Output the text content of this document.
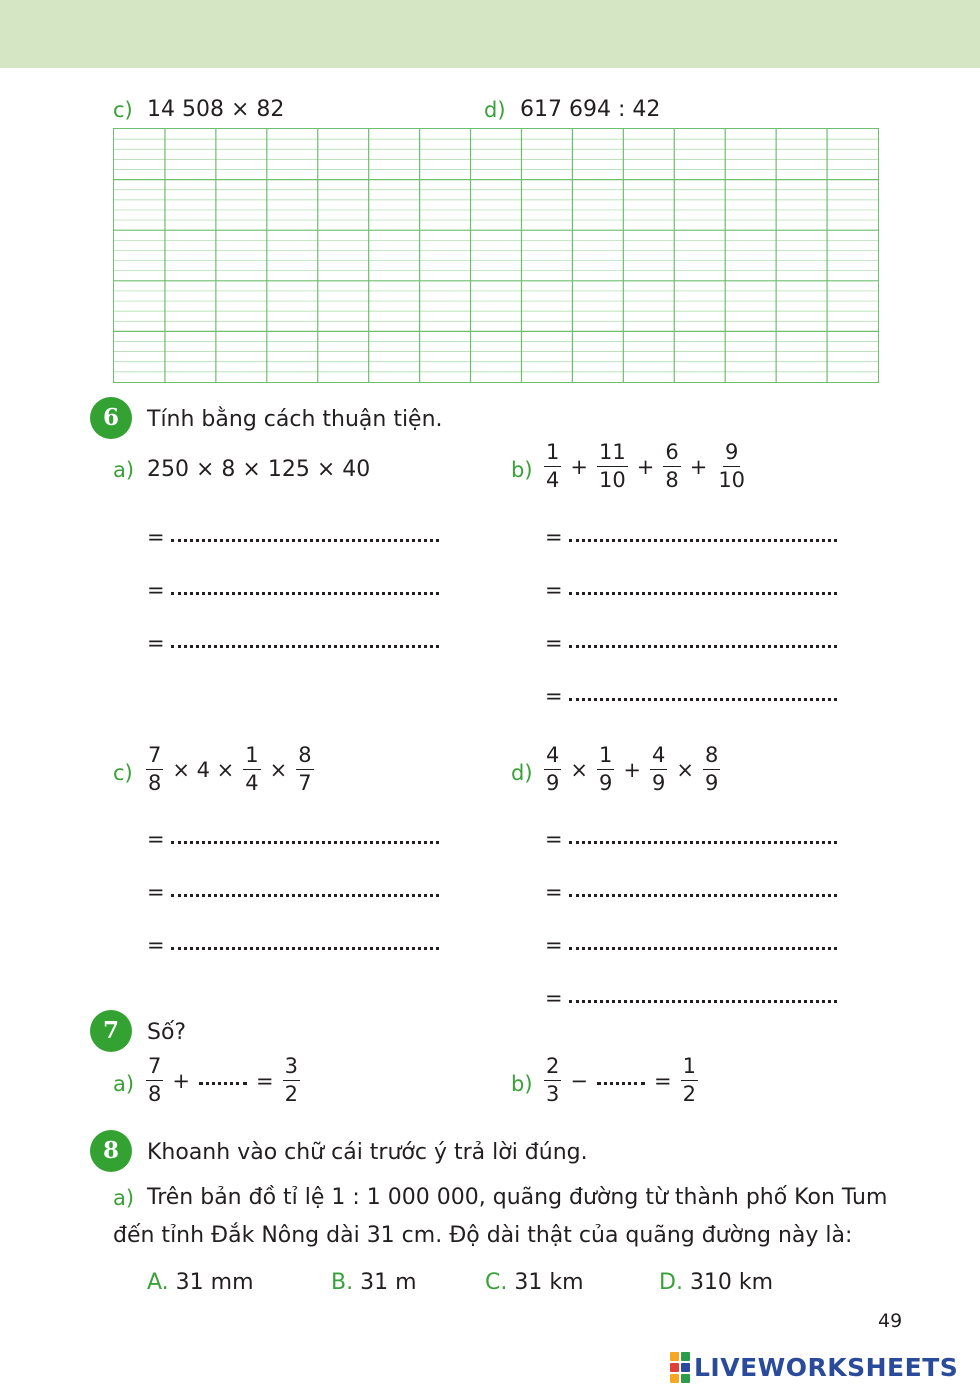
c) 14 508 × 82	d) 617 694 : 42
6	Tính bằng cách thuận tiện.
a) 250 × 8 × 125 × 40	$b) \frac{1}{4} + \frac{11}{10} + \frac{6}{8} + \frac{9}{10}$
=
=
=
=
=
=
=
$c) \frac{7}{8} \times 4 \times \frac{1}{4} \times \frac{8}{7}$	$d) \frac{4}{9} \times \frac{1}{9} + \frac{4}{9} \times \frac{8}{9}$
=
=
=
=
=
=
=
7	Số?
$a) \frac{7}{8}$ +	= $\frac{3}{2}$	$b) \frac{2}{3}$ −	= $\frac{1}{2}$
8	Khoanh vào chữ cái trước ý trả lời đúng.
a) Trên bản đồ tỉ lệ 1 : 1 000 000, quãng đường từ thành phố Kon Tum
đến tỉnh Đắk Nông dài 31 cm. Độ dài thật của quãng đường này là:
A. 31 mm	B. 31 m	C. 31 km	D. 310 km
49
LIVEWORKSHEETS
